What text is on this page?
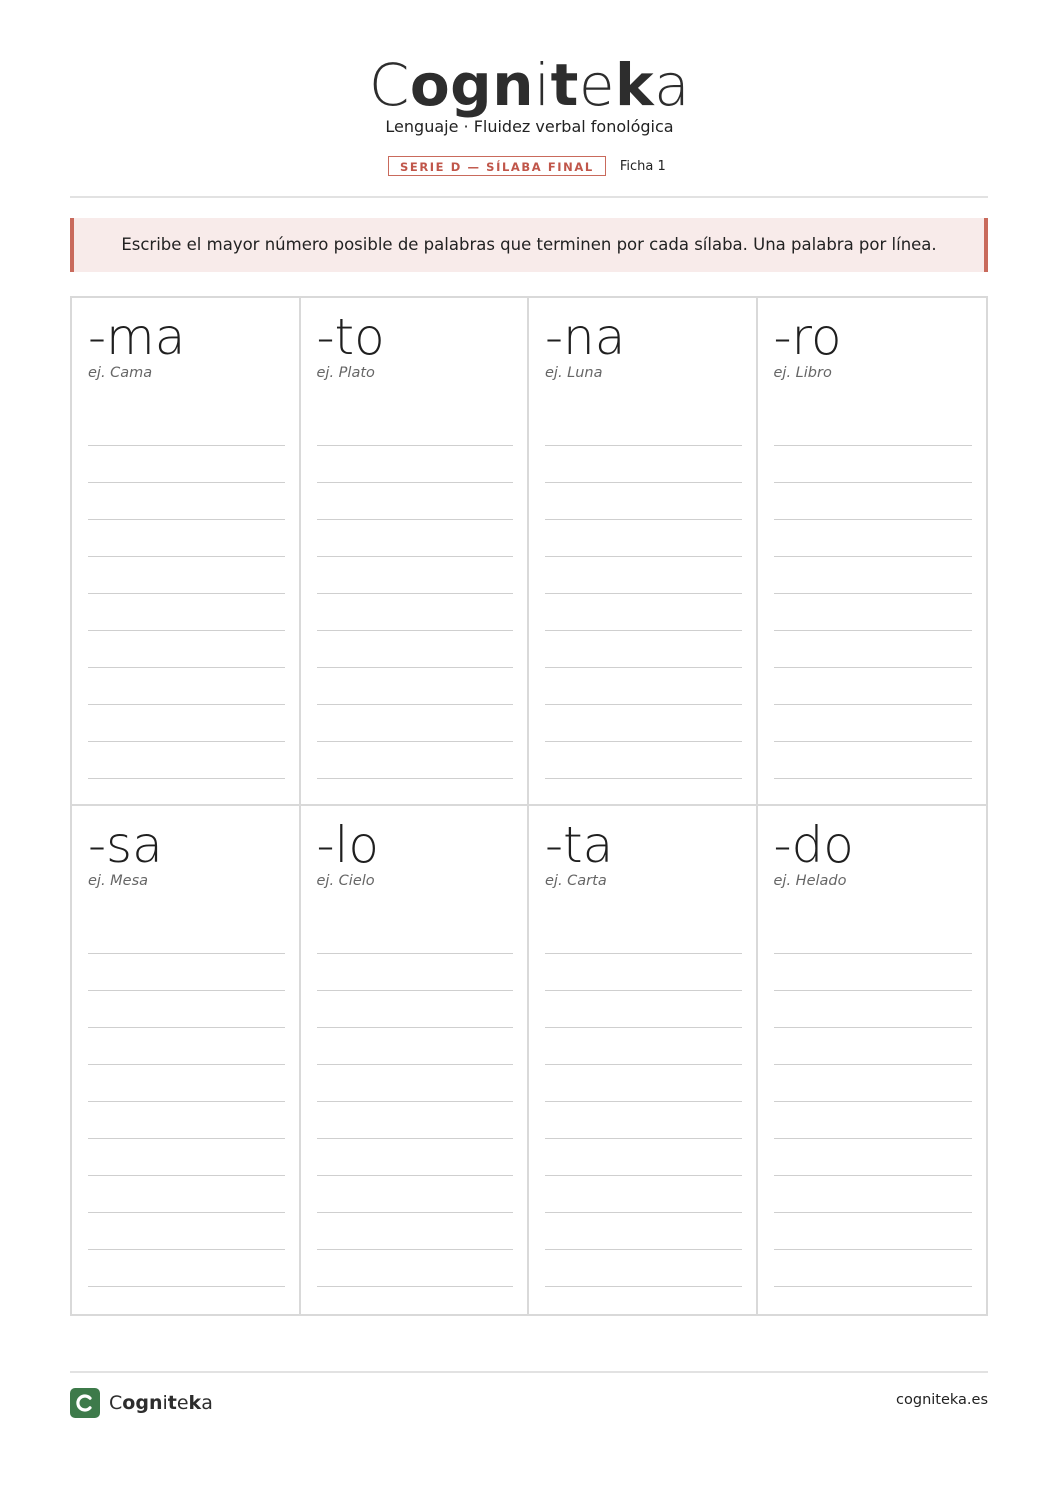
Cogniteka
Lenguaje · Fluidez verbal fonológica
SERIE D — SÍLABA FINAL	Ficha 1
Escribe el mayor número posible de palabras que terminen por cada sílaba. Una palabra por línea.
-ma
ej. Cama
-to
ej. Plato
-na
ej. Luna
-ro
ej. Libro
-sa
ej. Mesa
-lo
ej. Cielo
-ta
ej. Carta
-do
ej. Helado
Cogniteka	cogniteka.es
